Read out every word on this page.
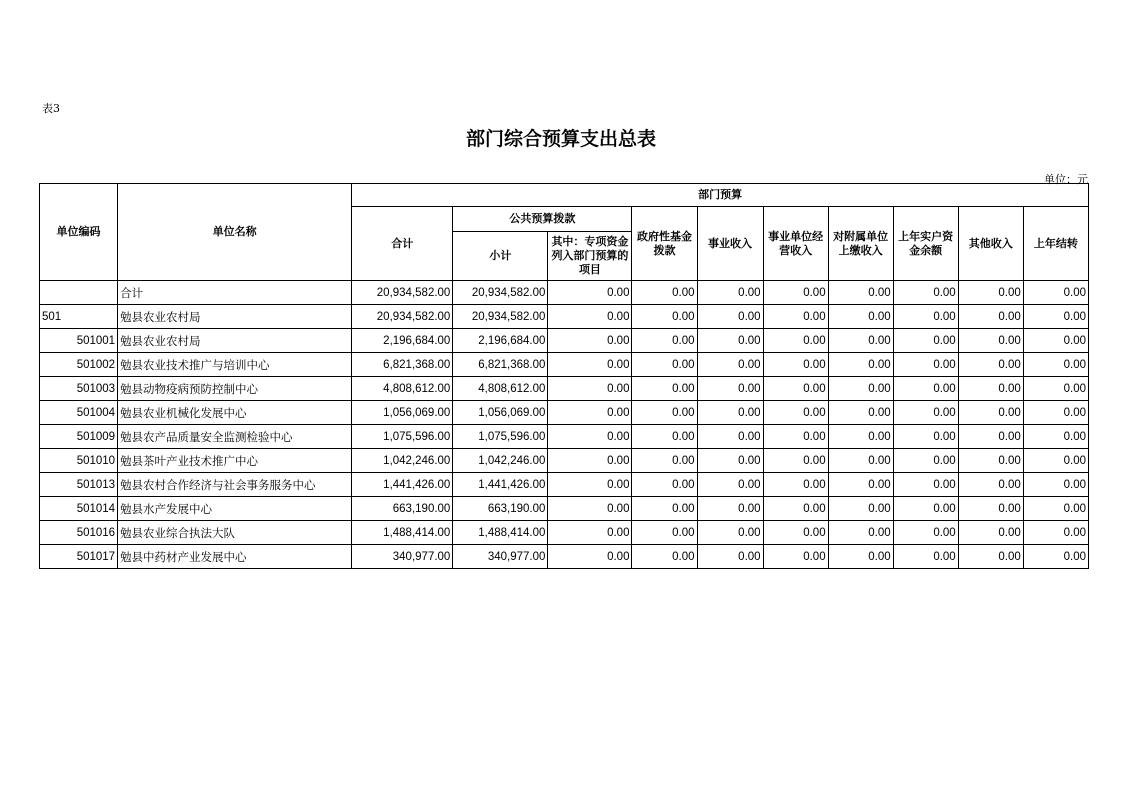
表3
部门综合预算支出总表
单位：元
单位编码	单位名称	部门预算									
		合计	公共预算拨款		政府性基金拨款	事业收入	事业单位经营收入	对附属单位上缴收入	上年实户资金余额	其他收入	上年结转
			小计	其中：专项资金列入部门预算的项目							
	合计	20,934,582.00	20,934,582.00	0.00	0.00	0.00	0.00	0.00	0.00	0.00	0.00
501	勉县农业农村局	20,934,582.00	20,934,582.00	0.00	0.00	0.00	0.00	0.00	0.00	0.00	0.00
501001	勉县农业农村局	2,196,684.00	2,196,684.00	0.00	0.00	0.00	0.00	0.00	0.00	0.00	0.00
501002	勉县农业技术推广与培训中心	6,821,368.00	6,821,368.00	0.00	0.00	0.00	0.00	0.00	0.00	0.00	0.00
501003	勉县动物疫病预防控制中心	4,808,612.00	4,808,612.00	0.00	0.00	0.00	0.00	0.00	0.00	0.00	0.00
501004	勉县农业机械化发展中心	1,056,069.00	1,056,069.00	0.00	0.00	0.00	0.00	0.00	0.00	0.00	0.00
501009	勉县农产品质量安全监测检验中心	1,075,596.00	1,075,596.00	0.00	0.00	0.00	0.00	0.00	0.00	0.00	0.00
501010	勉县茶叶产业技术推广中心	1,042,246.00	1,042,246.00	0.00	0.00	0.00	0.00	0.00	0.00	0.00	0.00
501013	勉县农村合作经济与社会事务服务中心	1,441,426.00	1,441,426.00	0.00	0.00	0.00	0.00	0.00	0.00	0.00	0.00
501014	勉县水产发展中心	663,190.00	663,190.00	0.00	0.00	0.00	0.00	0.00	0.00	0.00	0.00
501016	勉县农业综合执法大队	1,488,414.00	1,488,414.00	0.00	0.00	0.00	0.00	0.00	0.00	0.00	0.00
501017	勉县中药材产业发展中心	340,977.00	340,977.00	0.00	0.00	0.00	0.00	0.00	0.00	0.00	0.00
